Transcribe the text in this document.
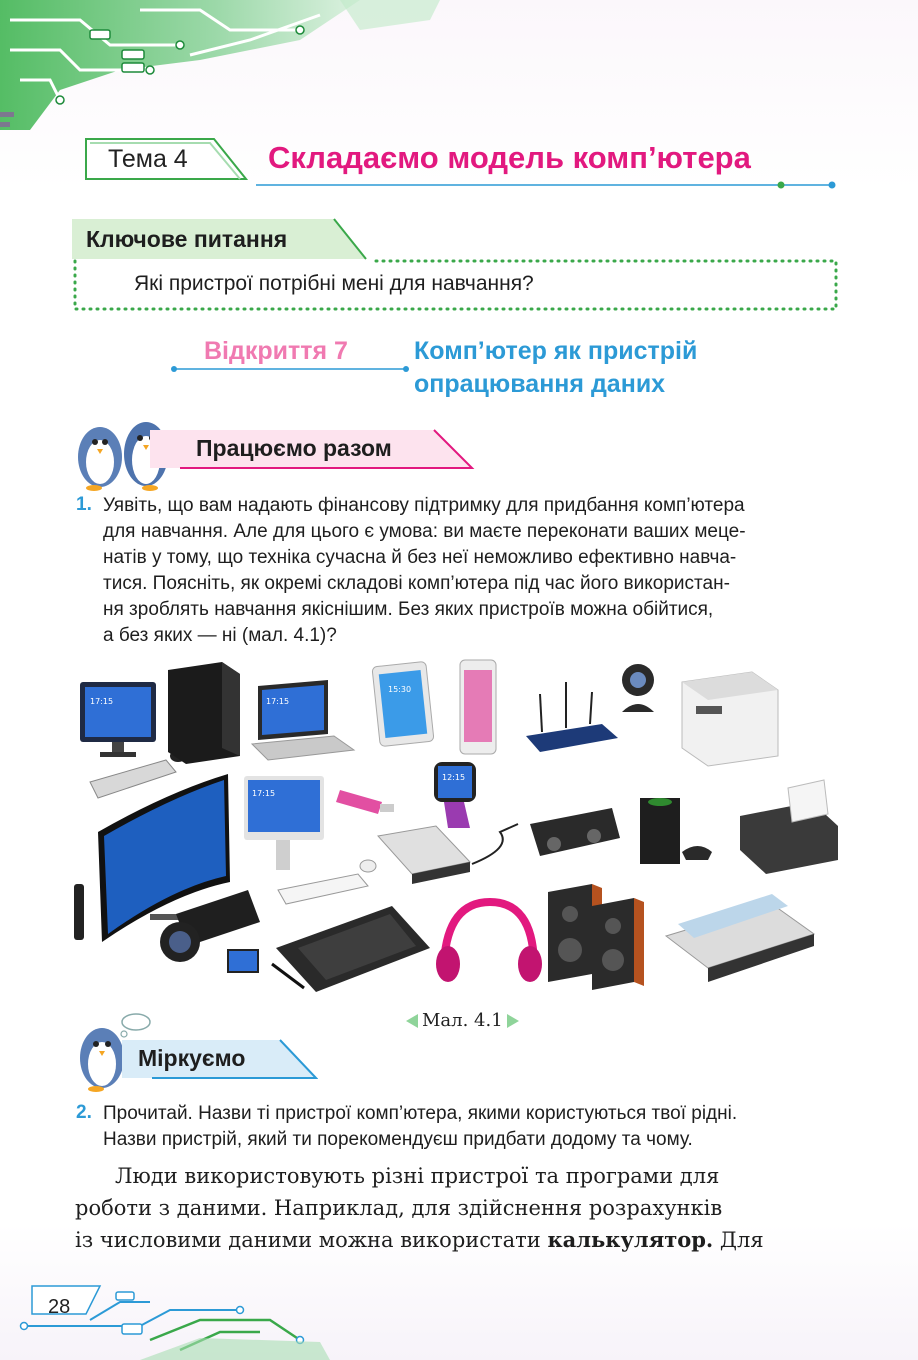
Тема 4	Складаємо модель комп’ютера
Ключове питання
Які пристрої потрібні мені для навчання?
Відкриття 7	Комп’ютер як пристрій
опрацювання даних
Працюємо разом
1. Уявіть, що вам надають фінансову підтримку для придбання комп’ютера
для навчання. Але для цього є умова: ви маєте переконати ваших меце-
натів у тому, що техніка сучасна й без неї неможливо ефективно навча-
тися. Поясніть, як окремі складові комп’ютера під час його використан-
ня зроблять навчання якіснішим. Без яких пристроїв можна обійтися,
а без яких — ні (мал. 4.1)?
17:15	17:15
15:30
17:15
12:15
Мал. 4.1
Міркуємо
2. Прочитай. Назви ті пристрої комп’ютера, якими користуються твої рідні.
Назви пристрій, який ти порекомендуєш придбати додому та чому.
Люди використовують різні пристрої та програми для
роботи з даними. Наприклад, для здійснення розрахунків
із числовими даними можна використати калькулятор. Для
28
